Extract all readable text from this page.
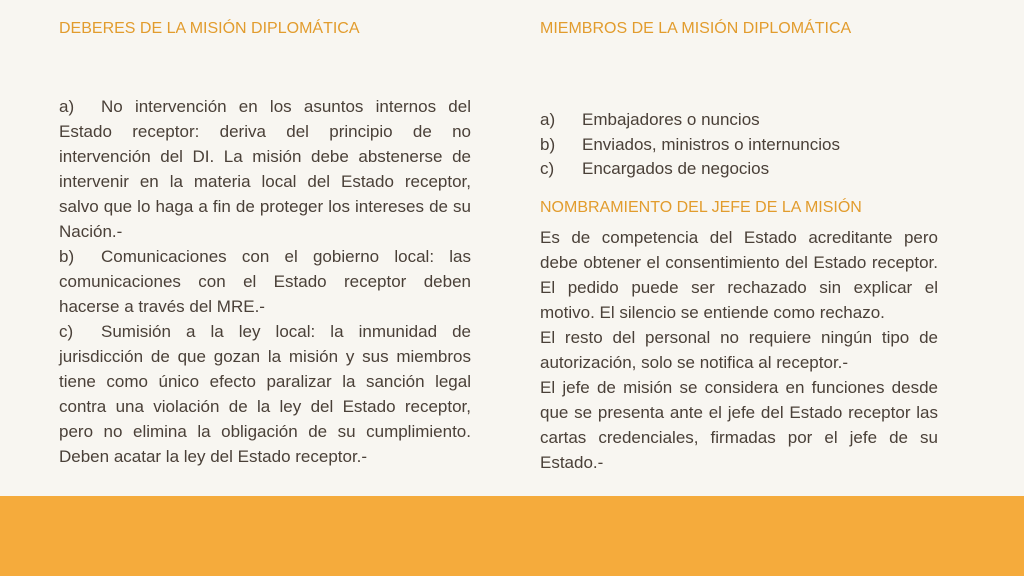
DEBERES DE LA MISIÓN DIPLOMÁTICA

a) No intervención en los asuntos internos del Estado receptor: deriva del principio de no intervención del DI. La misión debe abstenerse de intervenir en la materia local del Estado receptor, salvo que lo haga a fin de proteger los intereses de su Nación.-

b) Comunicaciones con el gobierno local: las comunicaciones con el Estado receptor deben hacerse a través del MRE.-

c) Sumisión a la ley local: la inmunidad de jurisdicción de que gozan la misión y sus miembros tiene como único efecto paralizar la sanción legal contra una violación de la ley del Estado receptor, pero no elimina la obligación de su cumplimiento. Deben acatar la ley del Estado receptor.-

MIEMBROS DE LA MISIÓN DIPLOMÁTICA
a) Embajadores o nuncios
b) Enviados, ministros o internuncios
c) Encargados de negocios
NOMBRAMIENTO DEL JEFE DE LA MISIÓN

Es de competencia del Estado acreditante pero debe obtener el consentimiento del Estado receptor. El pedido puede ser rechazado sin explicar el motivo. El silencio se entiende como rechazo.

El resto del personal no requiere ningún tipo de autorización, solo se notifica al receptor.-

El jefe de misión se considera en funciones desde que se presenta ante el jefe del Estado receptor las cartas credenciales, firmadas por el jefe de su Estado.-
